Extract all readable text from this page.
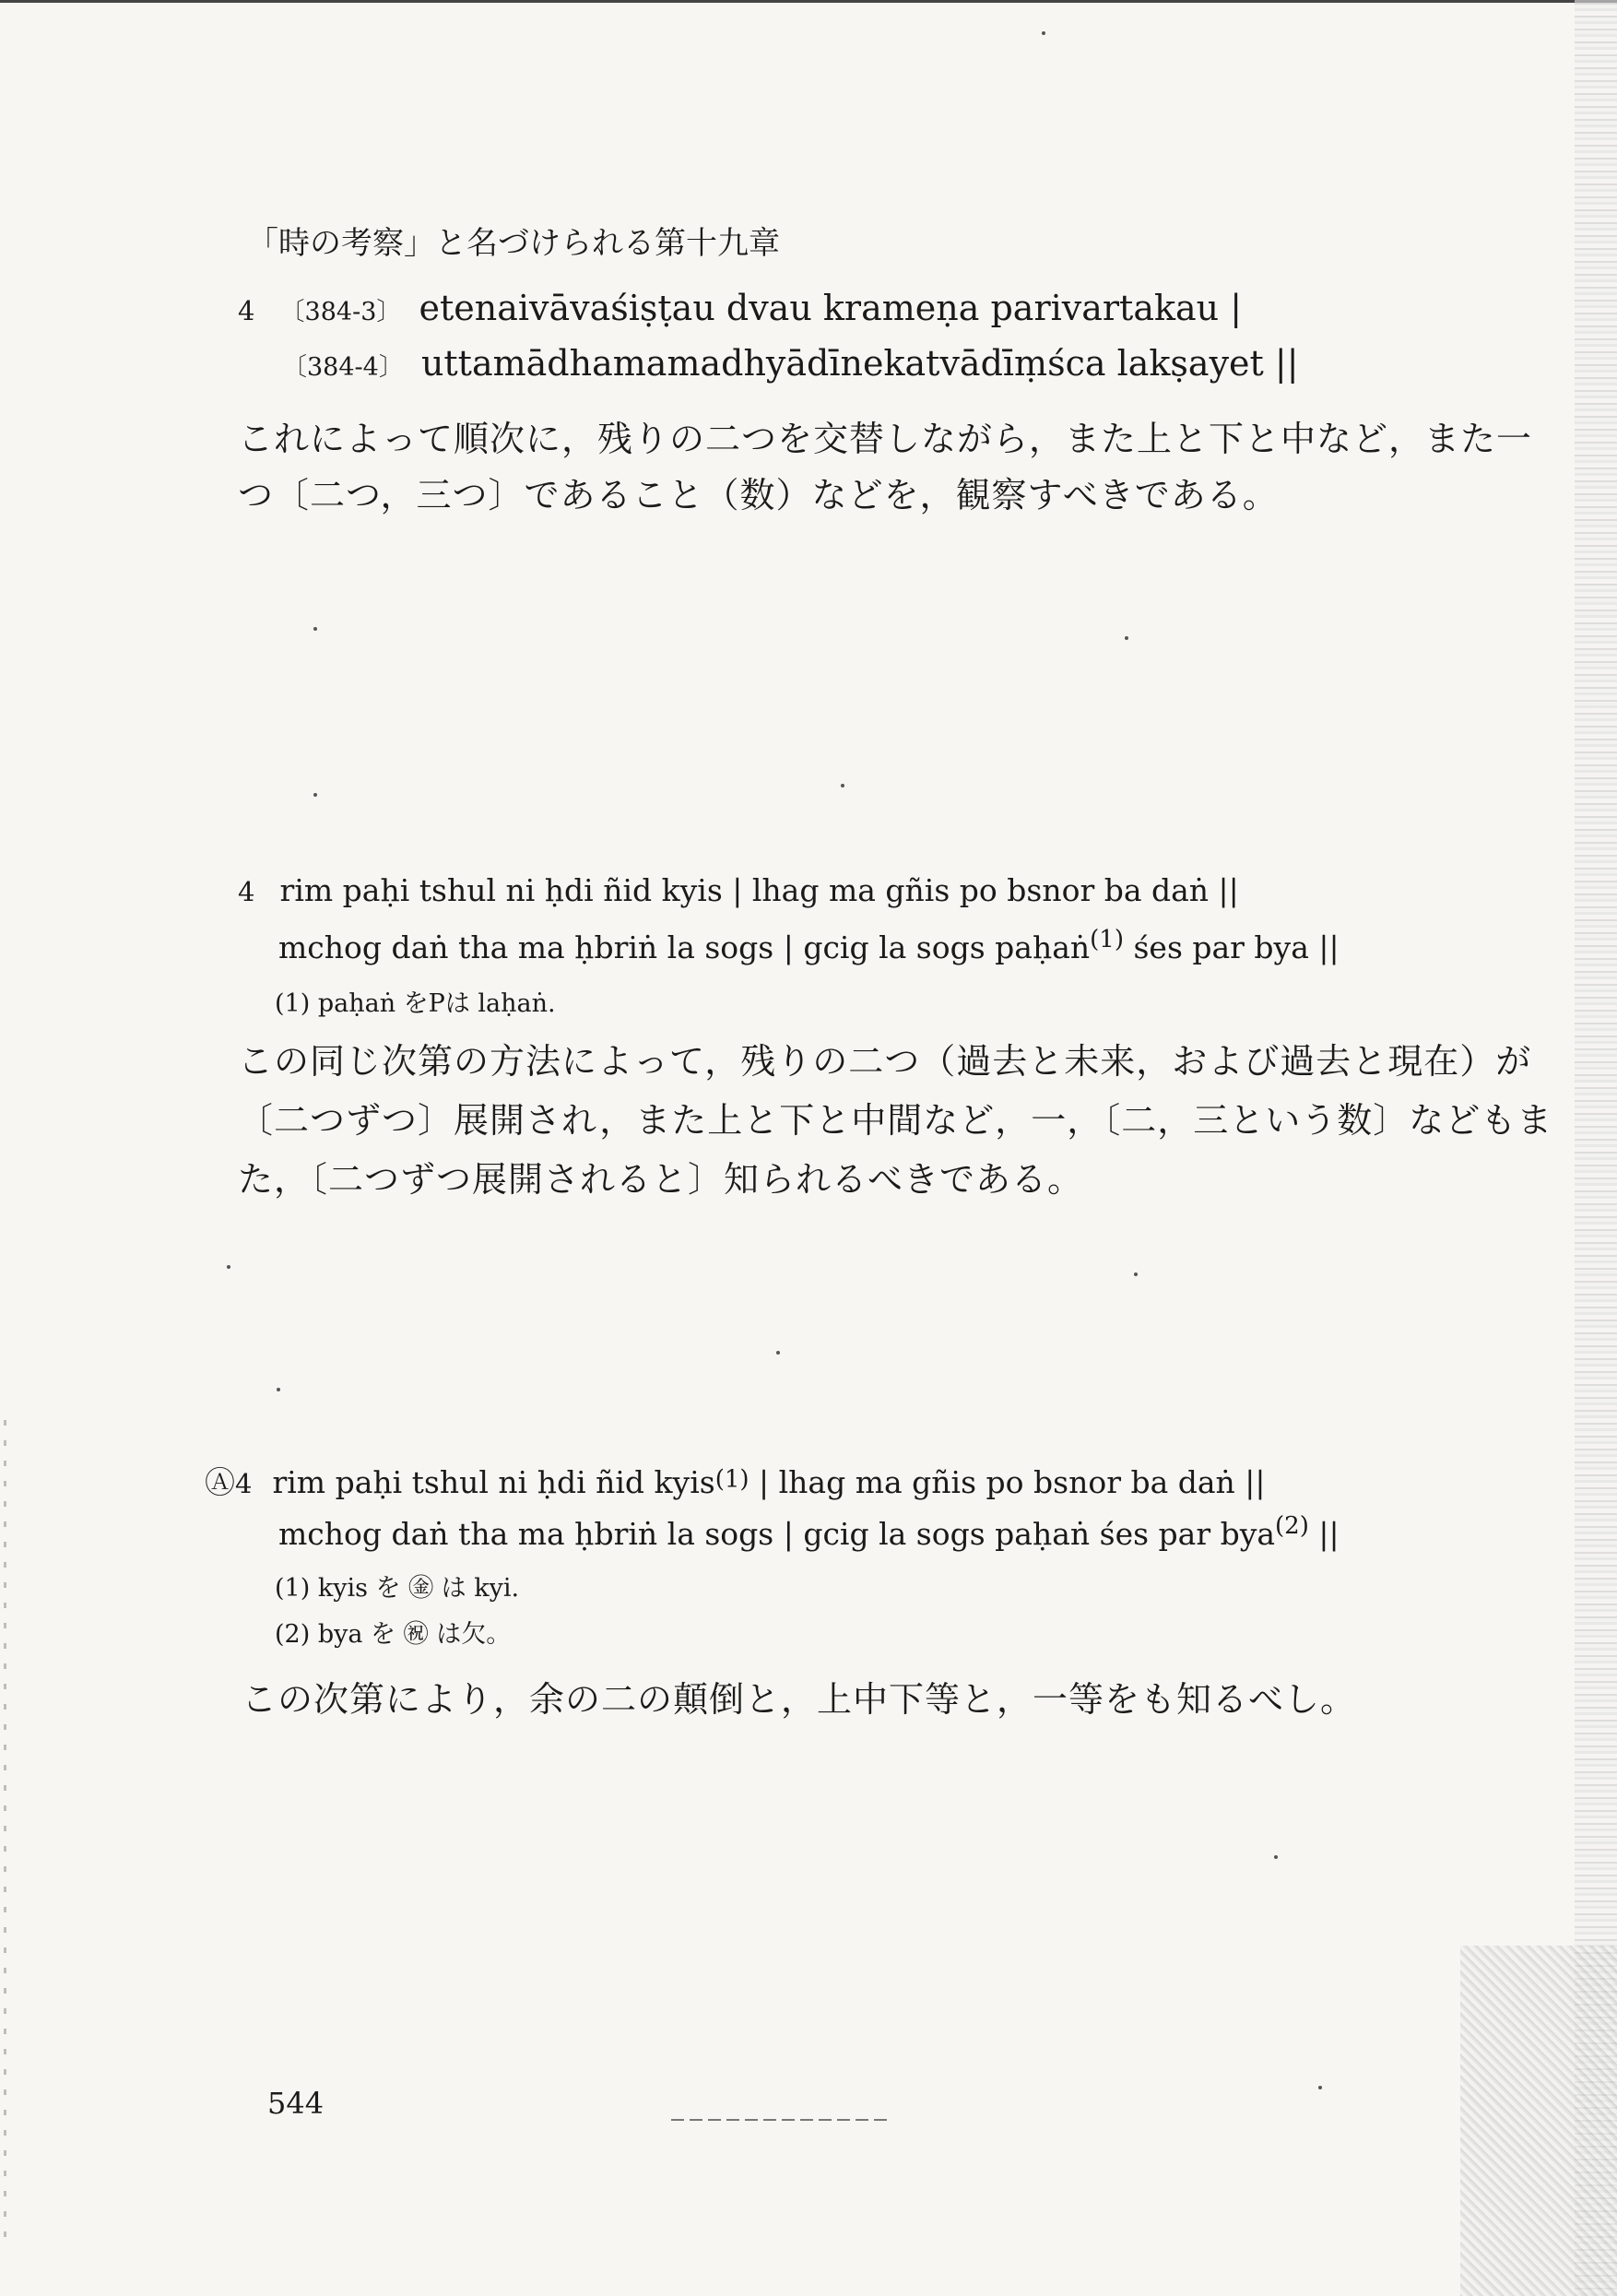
「時の考察」と名づけられる第十九章
4 〔384-3〕 etenaivāvaśiṣṭau dvau krameṇa parivartakau |
〔384-4〕 uttamādhamamadhyādīnekatvādīṃśca lakṣayet ||
これによって順次に，残りの二つを交替しながら，また上と下と中など，また一
つ〔二つ，三つ〕であること（数）などを，観察すべきである。
4 rim paḥi tshul ni ḥdi ñid kyis | lhag ma gñis po bsnor ba daṅ ||
mchog daṅ tha ma ḥbriṅ la sogs | gcig la sogs paḥaṅ$^{(1)}$ śes par bya ||
(1) paḥaṅ をPは laḥaṅ.
この同じ次第の方法によって，残りの二つ（過去と未来，および過去と現在）が
〔二つずつ〕展開され，また上と下と中間など，一，〔二，三という数〕などもま
た，〔二つずつ展開されると〕知られるべきである。
Ⓐ4 rim paḥi tshul ni ḥdi ñid kyis$^{(1)}$ | lhag ma gñis po bsnor ba daṅ ||
mchog daṅ tha ma ḥbriṅ la sogs | gcig la sogs paḥaṅ śes par bya$^{(2)}$ ||
(1) kyis を ㊎ は kyi.
(2) bya を ㊗ は欠。
この次第により，余の二の顛倒と，上中下等と，一等をも知るべし。
544
